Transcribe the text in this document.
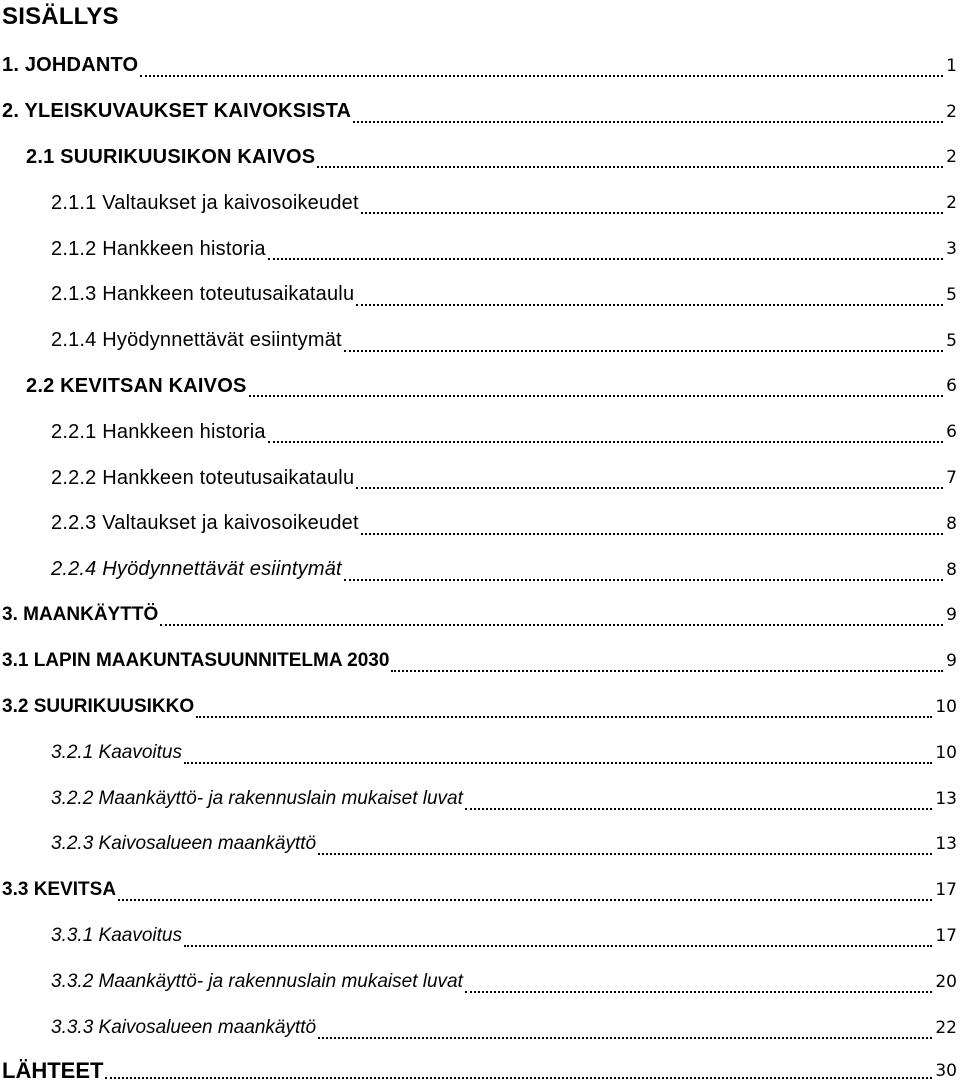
SISÄLLYS
1. JOHDANTO	1
2. YLEISKUVAUKSET KAIVOKSISTA	2
2.1 SUURIKUUSIKON KAIVOS	2
2.1.1 Valtaukset ja kaivosoikeudet	2
2.1.2 Hankkeen historia	3
2.1.3 Hankkeen toteutusaikataulu	5
2.1.4 Hyödynnettävät esiintymät	5
2.2 KEVITSAN KAIVOS	6
2.2.1 Hankkeen historia	6
2.2.2 Hankkeen toteutusaikataulu	7
2.2.3 Valtaukset ja kaivosoikeudet	8
2.2.4 Hyödynnettävät esiintymät	8
3. MAANKÄYTTÖ	9
3.1 LAPIN MAAKUNTASUUNNITELMA 2030	9
3.2 SUURIKUUSIKKO	10
3.2.1 Kaavoitus	10
3.2.2 Maankäyttö- ja rakennuslain mukaiset luvat	13
3.2.3 Kaivosalueen maankäyttö	13
3.3 KEVITSA	17
3.3.1 Kaavoitus	17
3.3.2 Maankäyttö- ja rakennuslain mukaiset luvat	20
3.3.3 Kaivosalueen maankäyttö	22
LÄHTEET	30
